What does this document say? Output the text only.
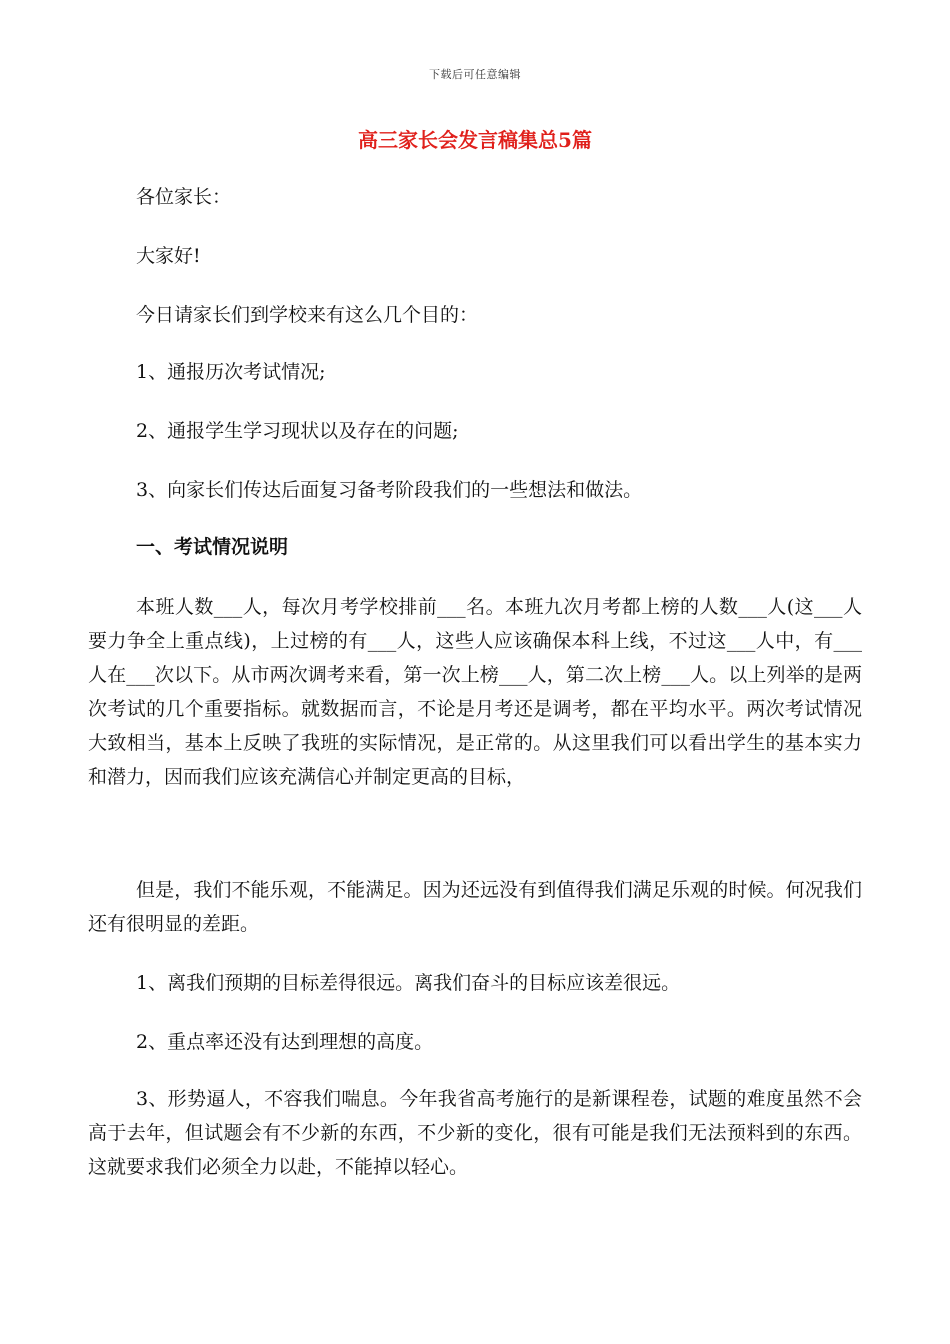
下载后可任意编辑
高三家长会发言稿集总5篇
各位家长：
大家好!
今日请家长们到学校来有这么几个目的：
1、通报历次考试情况;
2、通报学生学习现状以及存在的问题;
3、向家长们传达后面复习备考阶段我们的一些想法和做法。
一、考试情况说明
本班人数___人，每次月考学校排前___名。本班九次月考都上榜的人数___人(这___人要力争全上重点线)，上过榜的有___人，这些人应该确保本科上线，不过这___人中，有___人在___次以下。从市两次调考来看，第一次上榜___人，第二次上榜___人。以上列举的是两次考试的几个重要指标。就数据而言，不论是月考还是调考，都在平均水平。两次考试情况大致相当，基本上反映了我班的实际情况，是正常的。从这里我们可以看出学生的基本实力和潜力，因而我们应该充满信心并制定更高的目标，
但是，我们不能乐观，不能满足。因为还远没有到值得我们满足乐观的时候。何况我们还有很明显的差距。
1、离我们预期的目标差得很远。离我们奋斗的目标应该差很远。
2、重点率还没有达到理想的高度。
3、形势逼人，不容我们喘息。今年我省高考施行的是新课程卷，试题的难度虽然不会高于去年，但试题会有不少新的东西，不少新的变化，很有可能是我们无法预料到的东西。这就要求我们必须全力以赴，不能掉以轻心。
